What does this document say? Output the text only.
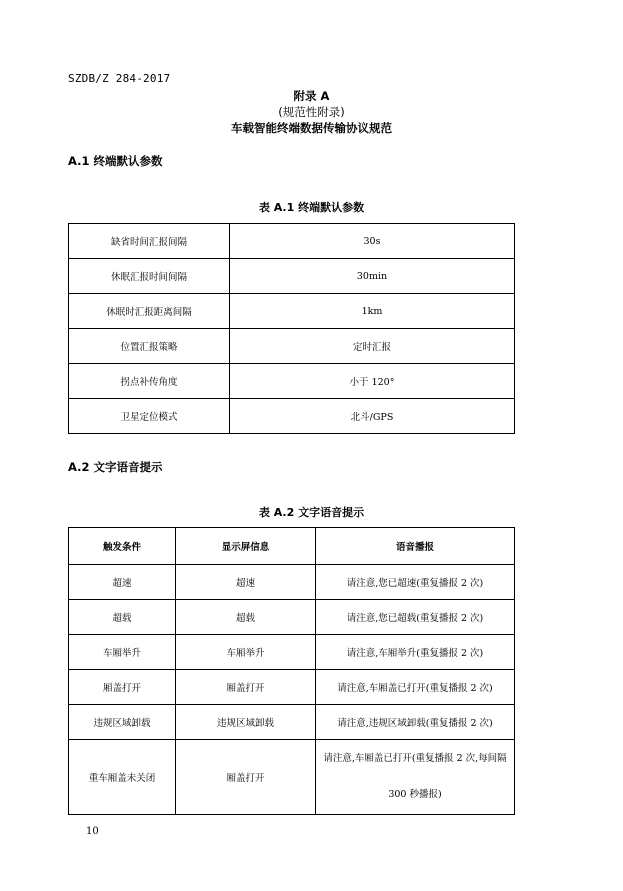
SZDB/Z 284-2017
附录 A
(规范性附录)
车载智能终端数据传输协议规范
A.1 终端默认参数
表 A.1 终端默认参数
缺省时间汇报间隔	30s
休眠汇报时间间隔	30min
休眠时汇报距离间隔	1km
位置汇报策略	定时汇报
拐点补传角度	小于 120°
卫星定位模式	北斗/GPS
A.2 文字语音提示
表 A.2 文字语音提示
触发条件	显示屏信息	语音播报
超速	超速	请注意,您已超速(重复播报 2 次)
超载	超载	请注意,您已超载(重复播报 2 次)
车厢举升	车厢举升	请注意,车厢举升(重复播报 2 次)
厢盖打开	厢盖打开	请注意,车厢盖已打开(重复播报 2 次)
违规区域卸载	违规区域卸载	请注意,违规区域卸载(重复播报 2 次)
重车厢盖未关闭	厢盖打开	请注意,车厢盖已打开(重复播报 2 次,每间隔 300 秒播报)
10
